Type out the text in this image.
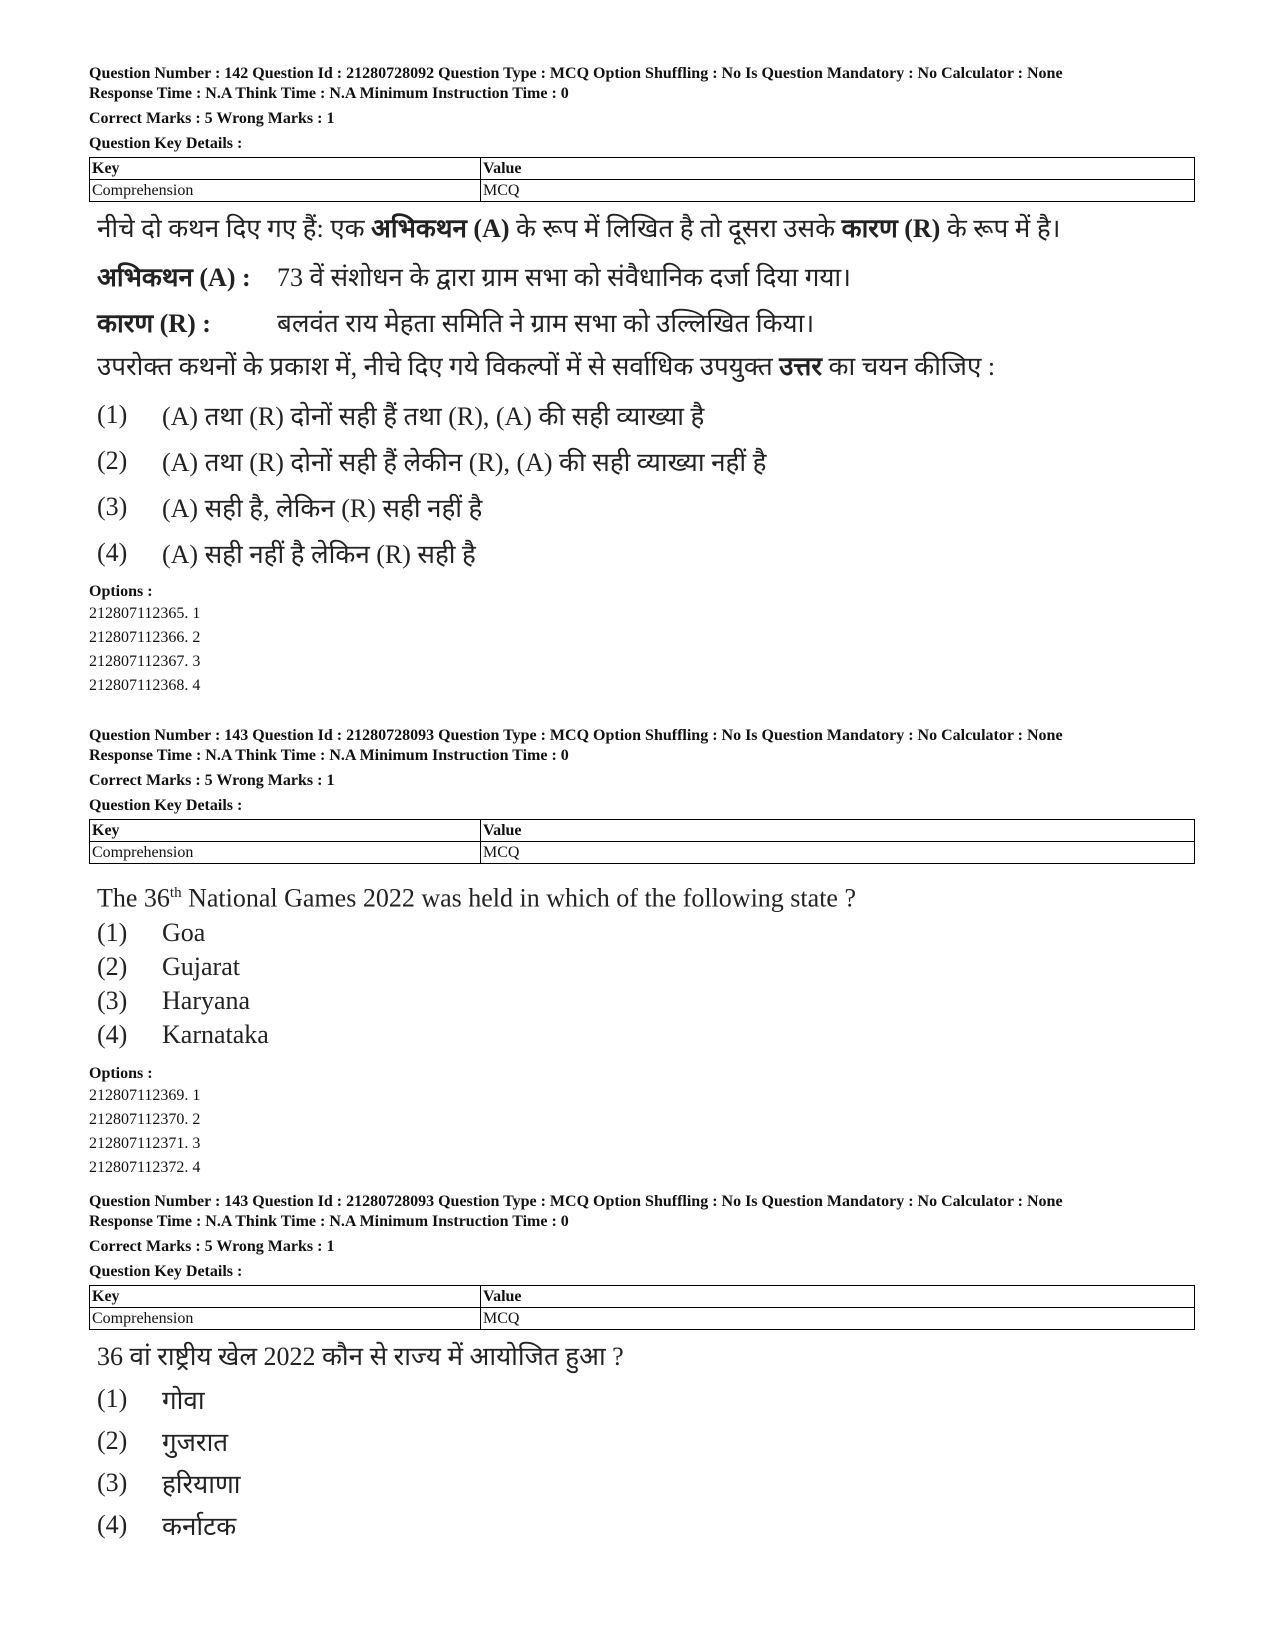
Question Number : 142 Question Id : 21280728092 Question Type : MCQ Option Shuffling : No Is Question Mandatory : No Calculator : None

Response Time : N.A Think Time : N.A Minimum Instruction Time : 0

Correct Marks : 5 Wrong Marks : 1

Question Key Details :

Key	Value
Comprehension	MCQ
नीचे दो कथन दिए गए हैं: एक अभिकथन (A) के रूप में लिखित है तो दूसरा उसके कारण (R) के रूप में है।
अभिकथन (A) :	73 वें संशोधन के द्वारा ग्राम सभा को संवैधानिक दर्जा दिया गया।
कारण (R) :	बलवंत राय मेहता समिति ने ग्राम सभा को उल्लिखित किया।
उपरोक्त कथनों के प्रकाश में, नीचे दिए गये विकल्पों में से सर्वाधिक उपयुक्त उत्तर का चयन कीजिए :
(1)	(A) तथा (R) दोनों सही हैं तथा (R), (A) की सही व्याख्या है
(2)	(A) तथा (R) दोनों सही हैं लेकीन (R), (A) की सही व्याख्या नहीं है
(3)	(A) सही है, लेकिन (R) सही नहीं है
(4)	(A) सही नहीं है लेकिन (R) सही है
Options :
212807112365. 1
212807112366. 2
212807112367. 3
212807112368. 4

Question Number : 143 Question Id : 21280728093 Question Type : MCQ Option Shuffling : No Is Question Mandatory : No Calculator : None

Response Time : N.A Think Time : N.A Minimum Instruction Time : 0

Correct Marks : 5 Wrong Marks : 1

Question Key Details :

Key	Value
Comprehension	MCQ
The 36th National Games 2022 was held in which of the following state ?
(1)	Goa
(2)	Gujarat
(3)	Haryana
(4)	Karnataka
Options :
212807112369. 1
212807112370. 2
212807112371. 3
212807112372. 4

Question Number : 143 Question Id : 21280728093 Question Type : MCQ Option Shuffling : No Is Question Mandatory : No Calculator : None

Response Time : N.A Think Time : N.A Minimum Instruction Time : 0

Correct Marks : 5 Wrong Marks : 1

Question Key Details :

Key	Value
Comprehension	MCQ
36 वां राष्ट्रीय खेल 2022 कौन से राज्य में आयोजित हुआ ?
(1)	गोवा
(2)	गुजरात
(3)	हरियाणा
(4)	कर्नाटक
